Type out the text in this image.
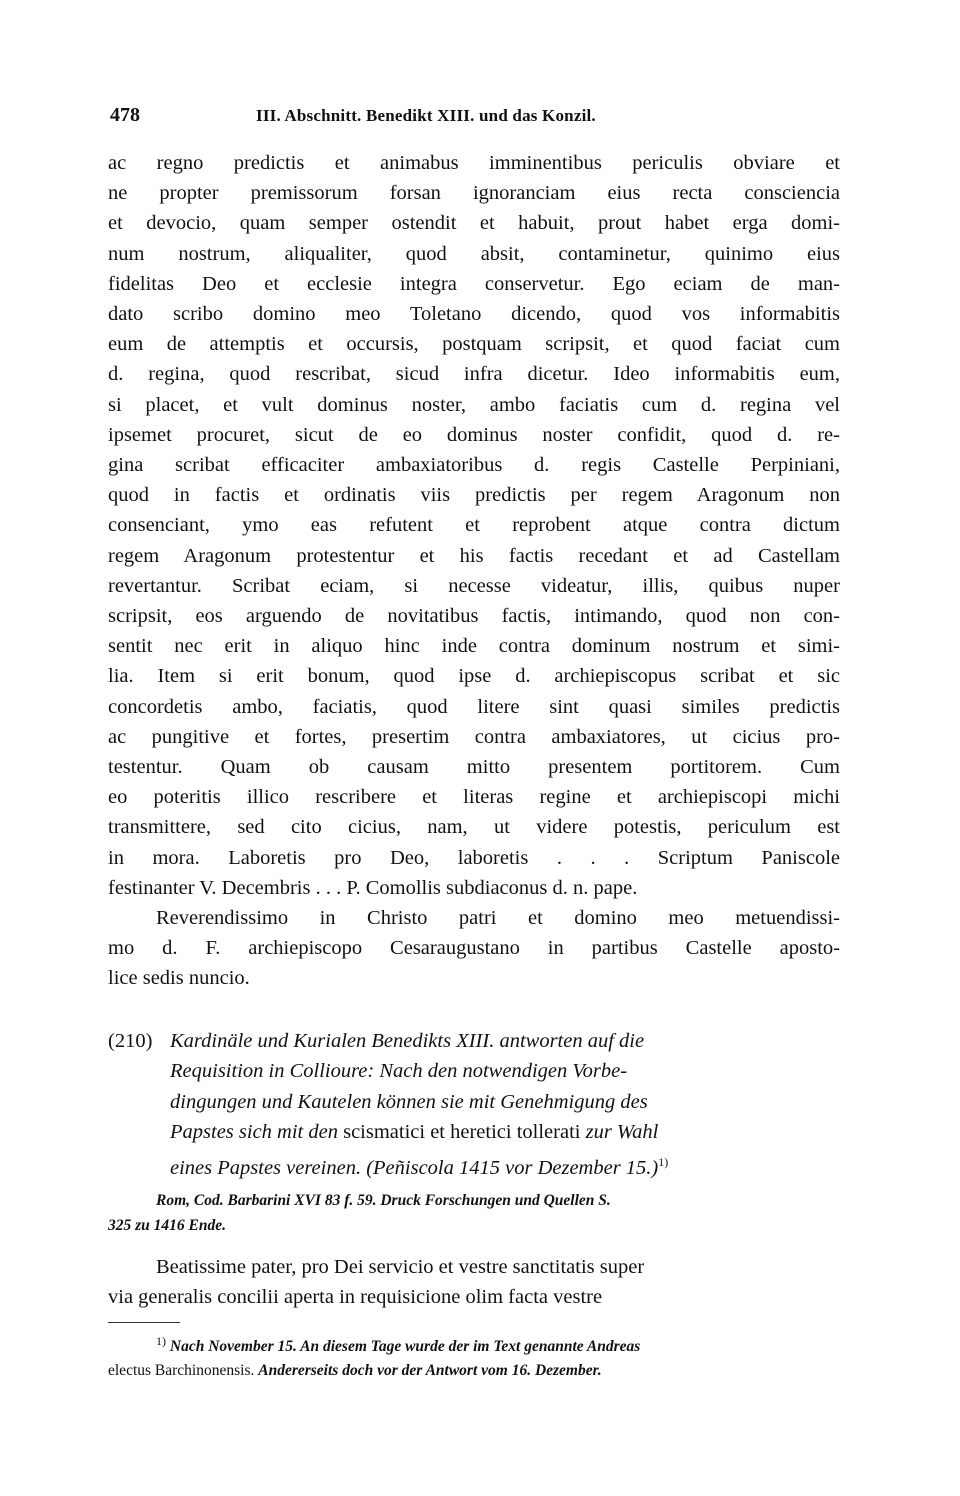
478	III. Abschnitt. Benedikt XIII. und das Konzil.
ac regno predictis et animabus imminentibus periculis obviare et
ne propter premissorum forsan ignoranciam eius recta consciencia
et devocio, quam semper ostendit et habuit, prout habet erga domi-
num nostrum, aliqualiter, quod absit, contaminetur, quinimo eius
fidelitas Deo et ecclesie integra conservetur. Ego eciam de man-
dato scribo domino meo Toletano dicendo, quod vos informabitis
eum de attemptis et occursis, postquam scripsit, et quod faciat cum
d. regina, quod rescribat, sicud infra dicetur. Ideo informabitis eum,
si placet, et vult dominus noster, ambo faciatis cum d. regina vel
ipsemet procuret, sicut de eo dominus noster confidit, quod d. re-
gina scribat efficaciter ambaxiatoribus d. regis Castelle Perpiniani,
quod in factis et ordinatis viis predictis per regem Aragonum non
consenciant, ymo eas refutent et reprobent atque contra dictum
regem Aragonum protestentur et his factis recedant et ad Castellam
revertantur. Scribat eciam, si necesse videatur, illis, quibus nuper
scripsit, eos arguendo de novitatibus factis, intimando, quod non con-
sentit nec erit in aliquo hinc inde contra dominum nostrum et simi-
lia. Item si erit bonum, quod ipse d. archiepiscopus scribat et sic
concordetis ambo, faciatis, quod litere sint quasi similes predictis
ac pungitive et fortes, presertim contra ambaxiatores, ut cicius pro-
testentur. Quam ob causam mitto presentem portitorem. Cum
eo poteritis illico rescribere et literas regine et archiepiscopi michi
transmittere, sed cito cicius, nam, ut videre potestis, periculum est
in mora. Laboretis pro Deo, laboretis . . . Scriptum Paniscole
festinanter V. Decembris . . . P. Comollis subdiaconus d. n. pape.
Reverendissimo in Christo patri et domino meo metuendissi-
mo d. F. archiepiscopo Cesaraugustano in partibus Castelle aposto-
lice sedis nuncio.
(210) Kardinäle und Kurialen Benedikts XIII. antworten auf die
Requisition in Collioure: Nach den notwendigen Vorbe-
dingungen und Kautelen können sie mit Genehmigung des
Papstes sich mit den scismatici et heretici tollerati zur Wahl
eines Papstes vereinen. (Peñiscola 1415 vor Dezember 15.)$^{1)}$
Rom, Cod. Barbarini XVI 83 f. 59. Druck Forschungen und Quellen S.
325 zu 1416 Ende.
Beatissime pater, pro Dei servicio et vestre sanctitatis super
via generalis concilii aperta in requisicione olim facta vestre
$^{1)}$ Nach November 15. An diesem Tage wurde der im Text genannte Andreas
electus Barchinonensis. Andererseits doch vor der Antwort vom 16. Dezember.
